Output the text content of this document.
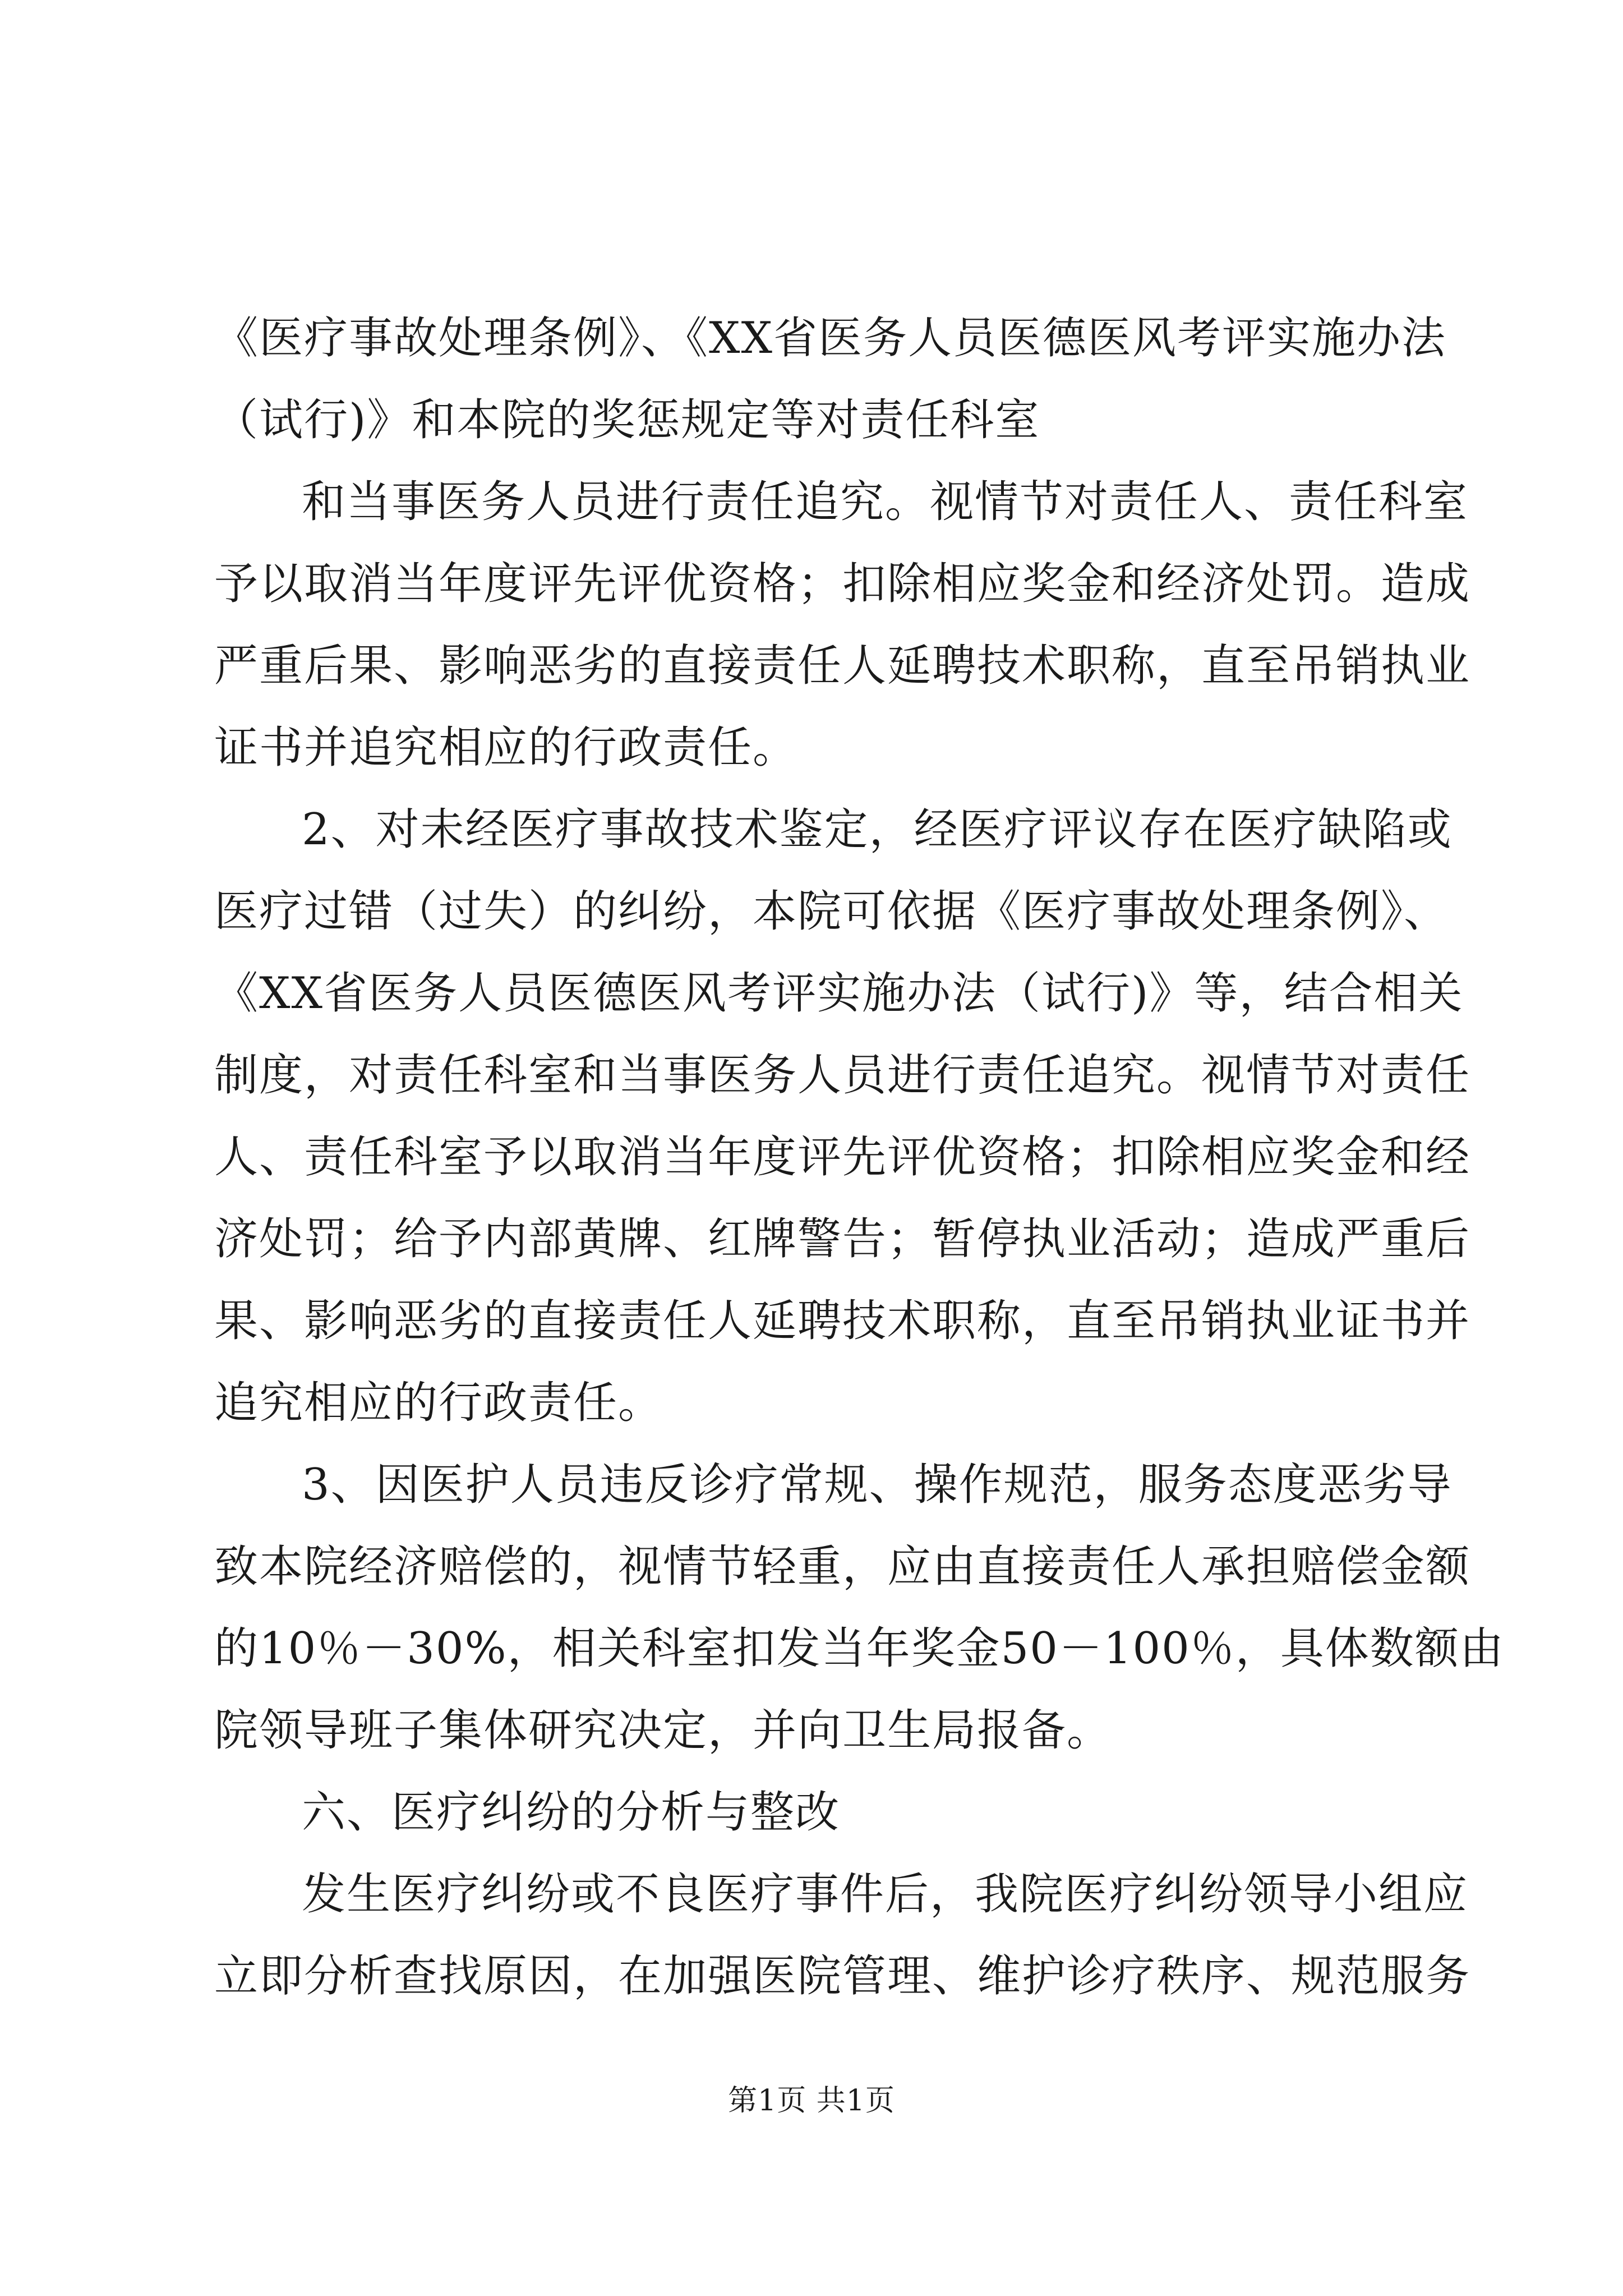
《医疗事故处理条例》、《XX省医务人员医德医风考评实施办法
（试行)》和本院的奖惩规定等对责任科室
和当事医务人员进行责任追究。视情节对责任人、责任科室
予以取消当年度评先评优资格；扣除相应奖金和经济处罚。造成
严重后果、影响恶劣的直接责任人延聘技术职称，直至吊销执业
证书并追究相应的行政责任。
2、对未经医疗事故技术鉴定，经医疗评议存在医疗缺陷或
医疗过错（过失）的纠纷，本院可依据《医疗事故处理条例》、
《XX省医务人员医德医风考评实施办法（试行)》等，结合相关
制度，对责任科室和当事医务人员进行责任追究。视情节对责任
人、责任科室予以取消当年度评先评优资格；扣除相应奖金和经
济处罚；给予内部黄牌、红牌警告；暂停执业活动；造成严重后
果、影响恶劣的直接责任人延聘技术职称，直至吊销执业证书并
追究相应的行政责任。
3、因医护人员违反诊疗常规、操作规范，服务态度恶劣导
致本院经济赔偿的，视情节轻重，应由直接责任人承担赔偿金额
的10％－30%，相关科室扣发当年奖金50－100％，具体数额由
院领导班子集体研究决定，并向卫生局报备。
六、医疗纠纷的分析与整改
发生医疗纠纷或不良医疗事件后，我院医疗纠纷领导小组应
立即分析查找原因，在加强医院管理、维护诊疗秩序、规范服务
第1页 共1页
